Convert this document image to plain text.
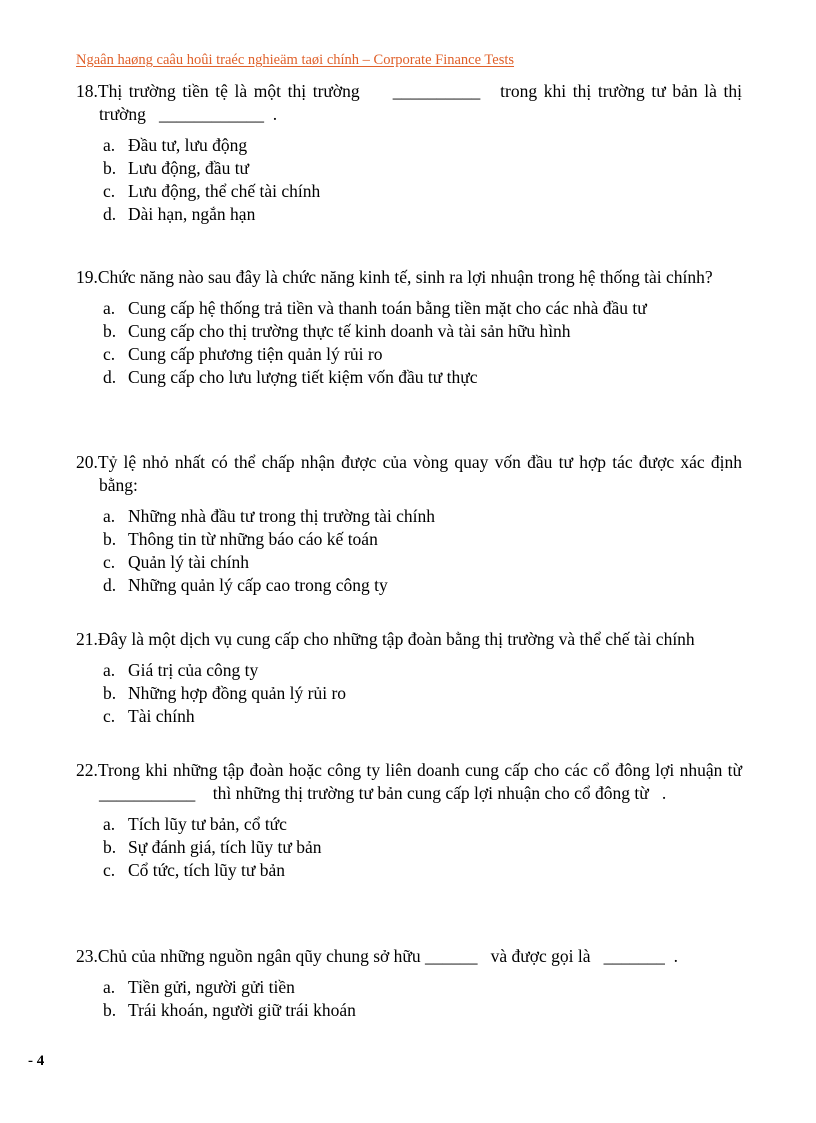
Ngaân haøng caâu hoûi traéc nghieäm taøi chính – Corporate Finance Tests

18.Thị trường tiền tệ là một thị trường     __________   trong khi thị trường tư bản là thị trường   ____________  .

a. Đầu tư, lưu động
b. Lưu động, đầu tư
c. Lưu động, thể chế tài chính
d. Dài hạn, ngắn hạn

19.Chức năng nào sau đây là chức năng kinh tế, sinh ra lợi nhuận trong hệ thống tài chính?

a. Cung cấp hệ thống trả tiền và thanh toán bằng tiền mặt cho các nhà đầu tư
b. Cung cấp cho thị trường thực tế kinh doanh và tài sản hữu hình
c. Cung cấp phương tiện quản lý rủi ro
d. Cung cấp cho lưu lượng tiết kiệm vốn đầu tư thực

20.Tỷ lệ nhỏ nhất có thể chấp nhận được của vòng quay vốn đầu tư hợp tác được xác định bằng:

a. Những nhà đầu tư trong thị trường tài chính
b. Thông tin từ những báo cáo kế toán
c. Quản lý tài chính
d. Những quản lý cấp cao trong công ty

21.Đây là một dịch vụ cung cấp cho những tập đoàn bằng thị trường và thể chế tài chính

a. Giá trị của công ty
b. Những hợp đồng quản lý rủi ro
c. Tài chính

22.Trong khi những tập đoàn hoặc công ty liên doanh cung cấp cho các cổ đông lợi nhuận từ   ___________    thì những thị trường tư bản cung cấp lợi nhuận cho cổ đông từ   .

a. Tích lũy tư bản, cổ tức
b. Sự đánh giá, tích lũy tư bản
c. Cổ tức, tích lũy tư bản

23.Chủ của những nguồn ngân qũy chung sở hữu ______   và được gọi là   _______  .

a. Tiền gửi, người gửi tiền
b. Trái khoán, người giữ trái khoán
- 4
